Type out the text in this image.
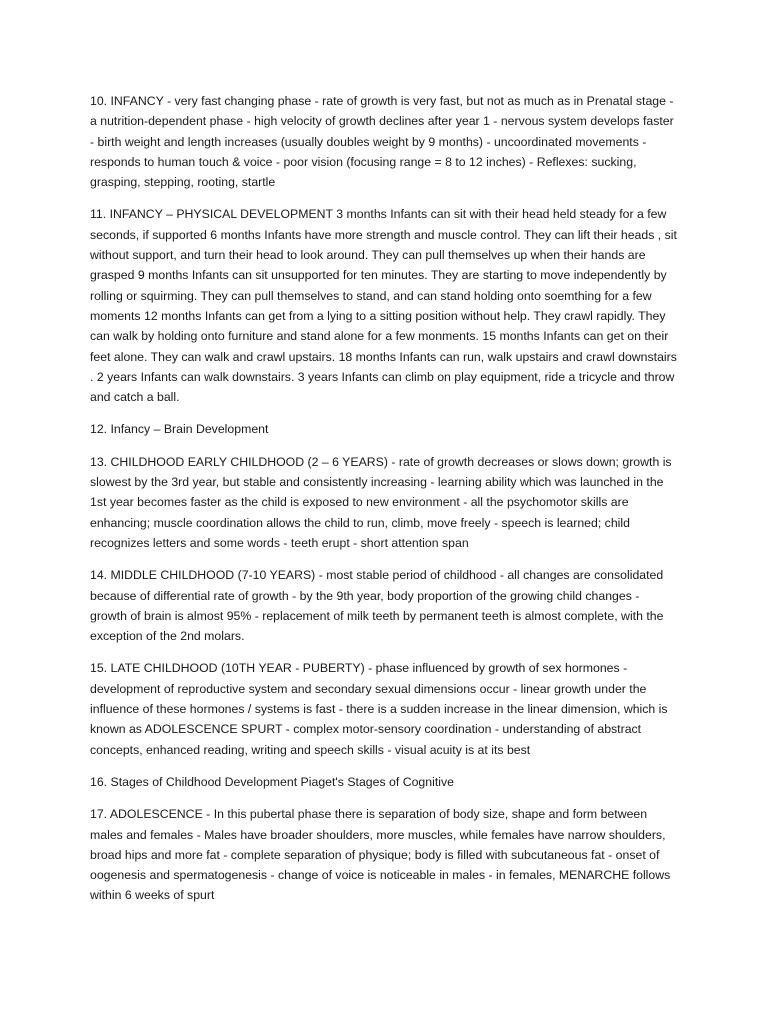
10. INFANCY - very fast changing phase - rate of growth is very fast, but not as much as in Prenatal stage - a nutrition-dependent phase - high velocity of growth declines after year 1 - nervous system develops faster - birth weight and length increases (usually doubles weight by 9 months) - uncoordinated movements - responds to human touch & voice - poor vision (focusing range = 8 to 12 inches) - Reflexes: sucking, grasping, stepping, rooting, startle

11. INFANCY – PHYSICAL DEVELOPMENT 3 months Infants can sit with their head held steady for a few seconds, if supported 6 months Infants have more strength and muscle control. They can lift their heads , sit without support, and turn their head to look around. They can pull themselves up when their hands are grasped 9 months Infants can sit unsupported for ten minutes. They are starting to move independently by rolling or squirming. They can pull themselves to stand, and can stand holding onto soemthing for a few moments 12 months Infants can get from a lying to a sitting position without help. They crawl rapidly. They can walk by holding onto furniture and stand alone for a few monments. 15 months Infants can get on their feet alone. They can walk and crawl upstairs. 18 months Infants can run, walk upstairs and crawl downstairs . 2 years Infants can walk downstairs. 3 years Infants can climb on play equipment, ride a tricycle and throw and catch a ball.

12. Infancy – Brain Development

13. CHILDHOOD EARLY CHILDHOOD (2 – 6 YEARS) - rate of growth decreases or slows down; growth is slowest by the 3rd year, but stable and consistently increasing - learning ability which was launched in the 1st year becomes faster as the child is exposed to new environment - all the psychomotor skills are enhancing; muscle coordination allows the child to run, climb, move freely - speech is learned; child recognizes letters and some words - teeth erupt - short attention span

14. MIDDLE CHILDHOOD (7-10 YEARS) - most stable period of childhood - all changes are consolidated because of differential rate of growth - by the 9th year, body proportion of the growing child changes - growth of brain is almost 95% - replacement of milk teeth by permanent teeth is almost complete, with the exception of the 2nd molars.

15. LATE CHILDHOOD (10TH YEAR - PUBERTY) - phase influenced by growth of sex hormones - development of reproductive system and secondary sexual dimensions occur - linear growth under the influence of these hormones / systems is fast - there is a sudden increase in the linear dimension, which is known as ADOLESCENCE SPURT - complex motor-sensory coordination - understanding of abstract concepts, enhanced reading, writing and speech skills - visual acuity is at its best

16. Stages of Childhood Development Piaget's Stages of Cognitive

17. ADOLESCENCE - In this pubertal phase there is separation of body size, shape and form between males and females - Males have broader shoulders, more muscles, while females have narrow shoulders, broad hips and more fat - complete separation of physique; body is filled with subcutaneous fat - onset of oogenesis and spermatogenesis - change of voice is noticeable in males - in females, MENARCHE follows within 6 weeks of spurt
